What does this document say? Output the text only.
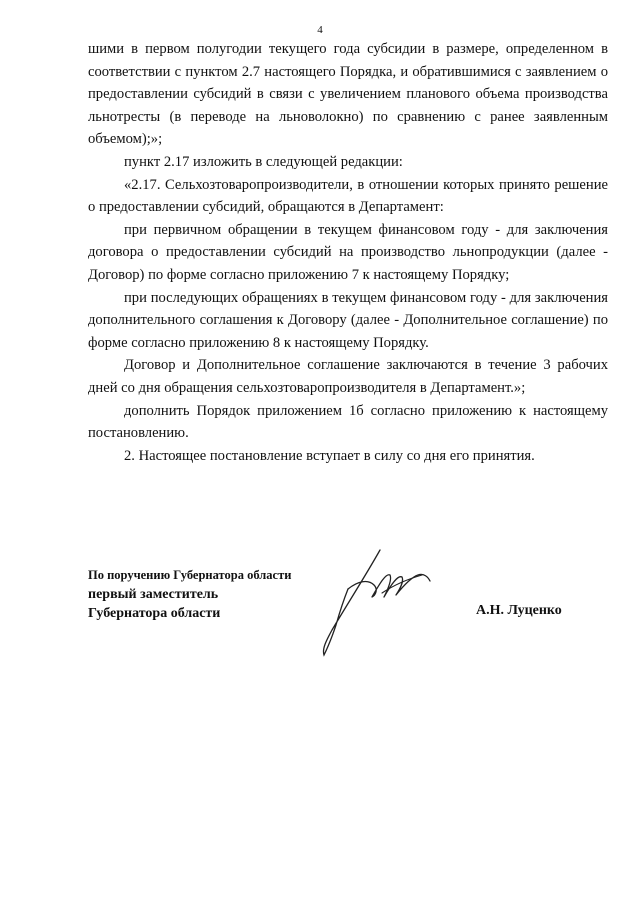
4

шими в первом полугодии текущего года субсидии в размере, определенном в соответствии с пунктом 2.7 настоящего Порядка, и обратившимися с заявлением о предоставлении субсидий в связи с увеличением планового объема производства льнотресты (в переводе на льноволокно) по сравнению с ранее заявленным объемом);»;

пункт 2.17 изложить в следующей редакции:

«2.17. Сельхозтоваропроизводители, в отношении которых принято решение о предоставлении субсидий, обращаются в Департамент:

при первичном обращении в текущем финансовом году - для заключения договора о предоставлении субсидий на производство льнопродукции (далее - Договор) по форме согласно приложению 7 к настоящему Порядку;

при последующих обращениях в текущем финансовом году - для заключения дополнительного соглашения к Договору (далее - Дополнительное соглашение) по форме согласно приложению 8 к настоящему Порядку.

Договор и Дополнительное соглашение заключаются в течение 3 рабочих дней со дня обращения сельхозтоваропроизводителя в Департамент.»;

дополнить Порядок приложением 1б согласно приложению к настоящему постановлению.

2. Настоящее постановление вступает в силу со дня его принятия.

По поручению Губернатора области
первый заместитель
Губернатора области	А.Н. Луценко
